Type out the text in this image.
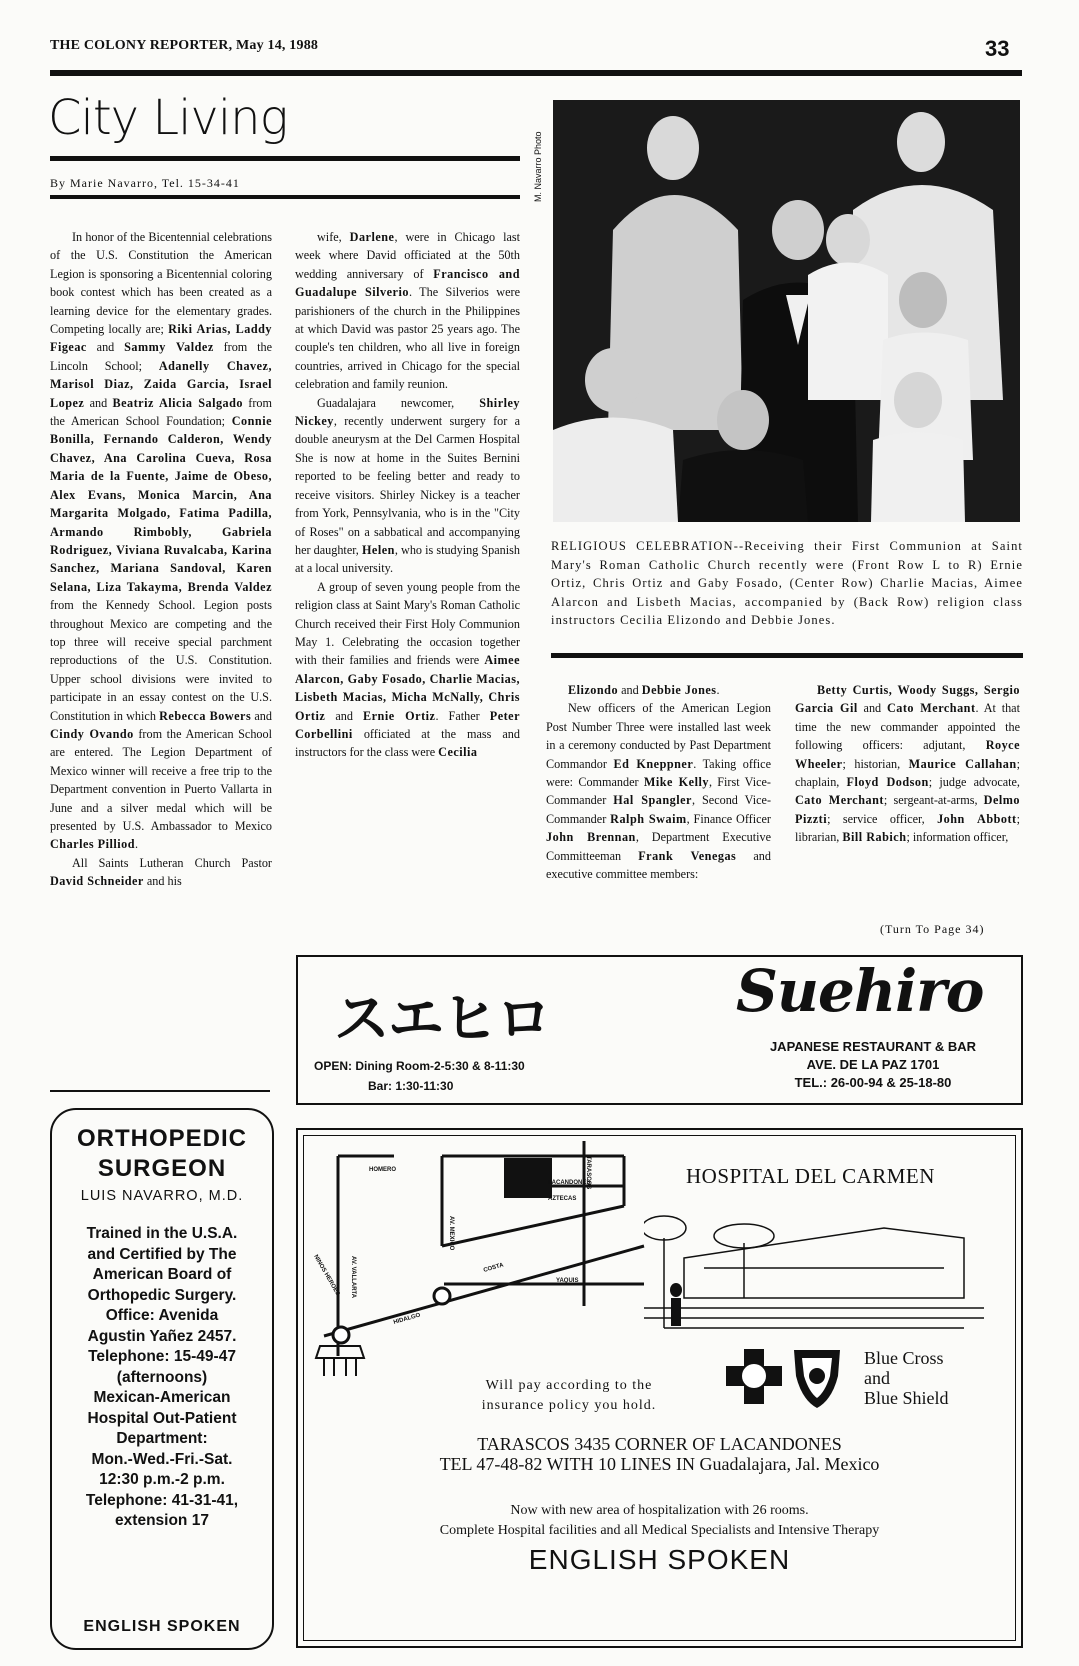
THE COLONY REPORTER, May 14, 1988	33
City Living
By Marie Navarro, Tel. 15-34-41

In honor of the Bicentennial celebrations of the U.S. Constitution the American Legion is sponsoring a Bicentennial coloring book contest which has been created as a learning device for the elementary grades. Competing locally are; Riki Arias, Laddy Figeac and Sammy Valdez from the Lincoln School; Adanelly Chavez, Marisol Diaz, Zaida Garcia, Israel Lopez and Beatriz Alicia Salgado from the American School Foundation; Connie Bonilla, Fernando Calderon, Wendy Chavez, Ana Carolina Cueva, Rosa Maria de la Fuente, Jaime de Obeso, Alex Evans, Monica Marcin, Ana Margarita Molgado, Fatima Padilla, Armando Rimbobly, Gabriela Rodriguez, Viviana Ruvalcaba, Karina Sanchez, Mariana Sandoval, Karen Selana, Liza Takayma, Brenda Valdez from the Kennedy School. Legion posts throughout Mexico are competing and the top three will receive special parchment reproductions of the U.S. Constitution. Upper school divisions were invited to participate in an essay contest on the U.S. Constitution in which Rebecca Bowers and Cindy Ovando from the American School are entered. The Legion Department of Mexico winner will receive a free trip to the Department convention in Puerto Vallarta in June and a silver medal which will be presented by U.S. Ambassador to Mexico Charles Pilliod.

All Saints Lutheran Church Pastor David Schneider and his

wife, Darlene, were in Chicago last week where David officiated at the 50th wedding anniversary of Francisco and Guadalupe Silverio. The Silverios were parishioners of the church in the Philippines at which David was pastor 25 years ago. The couple's ten children, who all live in foreign countries, arrived in Chicago for the special celebration and family reunion.

Guadalajara newcomer, Shirley Nickey, recently underwent surgery for a double aneurysm at the Del Carmen Hospital She is now at home in the Suites Bernini reported to be feeling better and ready to receive visitors. Shirley Nickey is a teacher from York, Pennsylvania, who is in the "City of Roses" on a sabbatical and accompanying her daughter, Helen, who is studying Spanish at a local university.

A group of seven young people from the religion class at Saint Mary's Roman Catholic Church received their First Holy Communion May 1. Celebrating the occasion together with their families and friends were Aimee Alarcon, Gaby Fosado, Charlie Macias, Lisbeth Macias, Micha McNally, Chris Ortiz and Ernie Ortiz. Father Peter Corbellini officiated at the mass and instructors for the class were Cecilia

Elizondo and Debbie Jones.

New officers of the American Legion Post Number Three were installed last week in a ceremony conducted by Past Department Commandor Ed Kneppner. Taking office were: Commander Mike Kelly, First Vice-Commander Hal Spangler, Second Vice-Commander Ralph Swaim, Finance Officer John Brennan, Department Executive Committeeman Frank Venegas and executive committee members:

Betty Curtis, Woody Suggs, Sergio Garcia Gil and Cato Merchant. At that time the new commander appointed the following officers: adjutant, Royce Wheeler; historian, Maurice Callahan; chaplain, Floyd Dodson; judge advocate, Cato Merchant; sergeant-at-arms, Delmo Pizzti; service officer, John Abbott; librarian, Bill Rabich; information officer,

(Turn To Page 34)
M. Navarro Photo
RELIGIOUS CELEBRATION--Receiving their First Communion at Saint Mary's Roman Catholic Church recently were (Front Row L to R) Ernie Ortiz, Chris Ortiz and Gaby Fosado, (Center Row) Charlie Macias, Aimee Alarcon and Lisbeth Macias, accompanied by (Back Row) religion class instructors Cecilia Elizondo and Debbie Jones.
スエヒロ
OPEN: Dining Room-2-5:30 & 8-11:30
Bar: 1:30-11:30
Suehiro
JAPANESE RESTAURANT & BAR
AVE. DE LA PAZ 1701
TEL.: 26-00-94 & 25-18-80
ORTHOPEDIC
SURGEON
LUIS NAVARRO, M.D.
Trained in the U.S.A.
and Certified by The
American Board of
Orthopedic Surgery.
Office: Avenida
Agustin Yañez 2457.
Telephone: 15-49-47
(afternoons)
Mexican-American
Hospital Out-Patient
Department:
Mon.-Wed.-Fri.-Sat.
12:30 p.m.-2 p.m.
Telephone: 41-31-41,
extension 17
ENGLISH SPOKEN
HOMERO
AV. VALLARTA
AV. MEXICO
TARASCOS
LACANDONES
AZTECAS
COSTA
YAQUIS
HIDALGO
NINOS HEROES
HOSPITAL DEL CARMEN
Will pay according to the
insurance policy you hold.
Blue Cross
and
Blue Shield
TARASCOS 3435 CORNER OF LACANDONES
TEL 47-48-82 WITH 10 LINES IN Guadalajara, Jal. Mexico
Now with new area of hospitalization with 26 rooms.
Complete Hospital facilities and all Medical Specialists and Intensive Therapy
ENGLISH SPOKEN
